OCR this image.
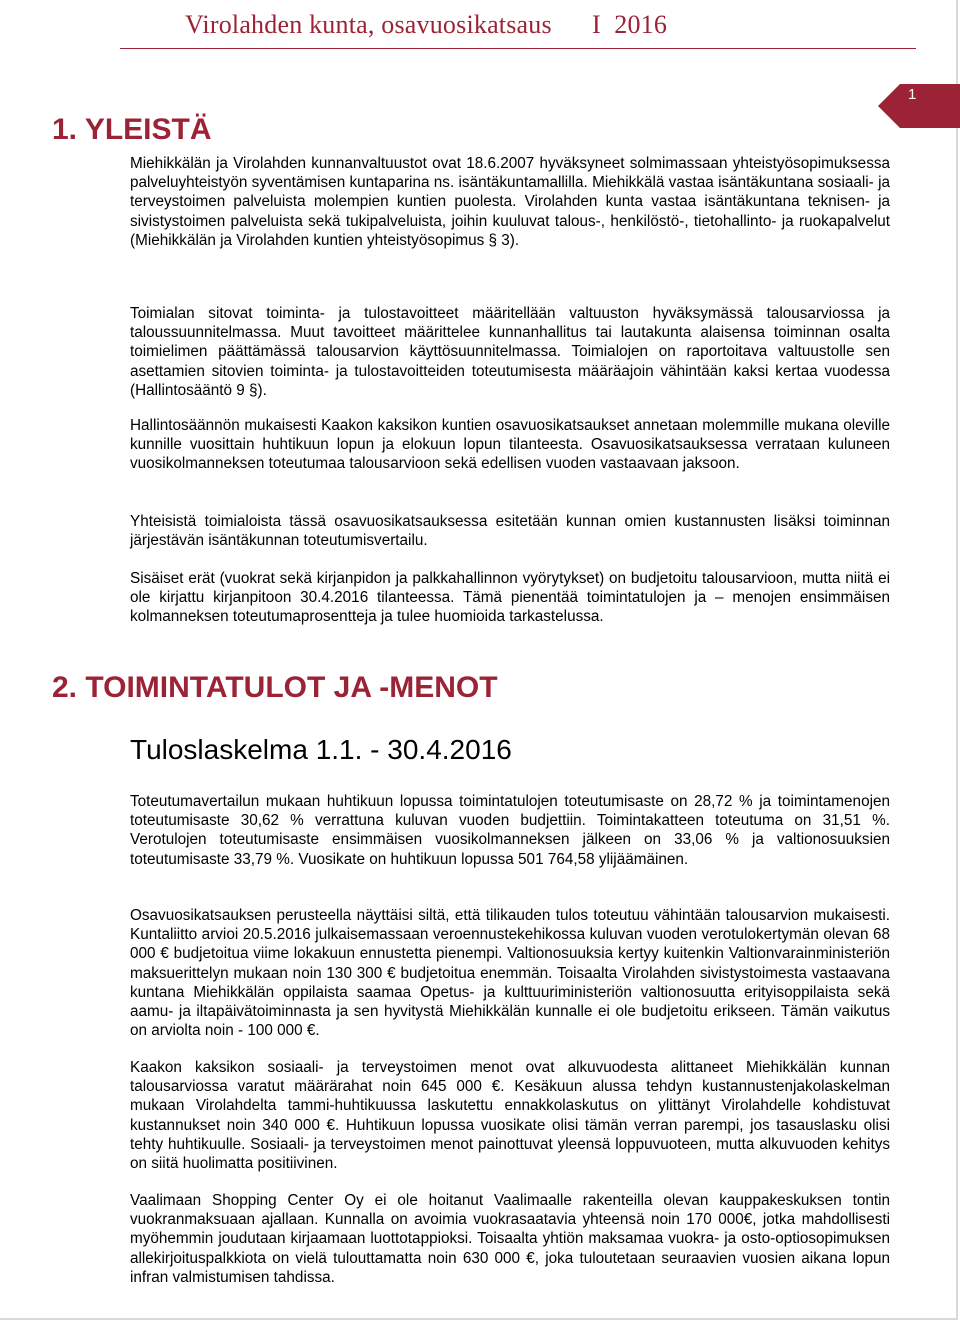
Virolahden kunta, osavuosikatsaus      I  2016
1
1. YLEISTÄ
Miehikkälän ja Virolahden kunnanvaltuustot ovat 18.6.2007 hyväksyneet solmimassaan yhteistyösopimuksessa palveluyhteistyön syventämisen kuntaparina ns. isäntäkuntamallilla. Miehikkälä vastaa isäntäkuntana sosiaali- ja terveystoimen palveluista molempien kuntien puolesta. Virolahden kunta vastaa isäntäkuntana teknisen- ja sivistystoimen palveluista sekä tukipalveluista, joihin kuuluvat talous-, henkilöstö-, tietohallinto- ja ruokapalvelut (Miehikkälän ja Virolahden kuntien yhteistyösopimus § 3).
Toimialan sitovat toiminta- ja tulostavoitteet määritellään valtuuston hyväksymässä talousarviossa ja taloussuunnitelmassa. Muut tavoitteet määrittelee kunnanhallitus tai lautakunta alaisensa toiminnan osalta toimielimen päättämässä talousarvion käyttösuunnitelmassa. Toimialojen on raportoitava valtuustolle sen asettamien sitovien toiminta- ja tulostavoitteiden toteutumisesta määräajoin vähintään kaksi kertaa vuodessa (Hallintosääntö 9 §).
Hallintosäännön mukaisesti Kaakon kaksikon kuntien osavuosikatsaukset annetaan molemmille mukana oleville kunnille vuosittain huhtikuun lopun ja elokuun lopun tilanteesta. Osavuosikatsauksessa verrataan kuluneen vuosikolmanneksen toteutumaa talousarvioon sekä edellisen vuoden vastaavaan jaksoon.
Yhteisistä toimialoista tässä osavuosikatsauksessa esitetään kunnan omien kustannusten lisäksi toiminnan järjestävän isäntäkunnan toteutumisvertailu.
Sisäiset erät (vuokrat sekä kirjanpidon ja palkkahallinnon vyörytykset) on budjetoitu talousarvioon, mutta niitä ei ole kirjattu kirjanpitoon 30.4.2016 tilanteessa. Tämä pienentää toimintatulojen ja – menojen ensimmäisen kolmanneksen toteutumaprosentteja ja tulee huomioida tarkastelussa.
2. TOIMINTATULOT JA -MENOT
Tuloslaskelma 1.1. - 30.4.2016
Toteutumavertailun mukaan huhtikuun lopussa toimintatulojen toteutumisaste on 28,72 % ja toimintamenojen toteutumisaste 30,62 % verrattuna kuluvan vuoden budjettiin. Toimintakatteen toteutuma on 31,51 %. Verotulojen toteutumisaste ensimmäisen vuosikolmanneksen jälkeen on 33,06 % ja valtionosuuksien toteutumisaste 33,79 %. Vuosikate on huhtikuun lopussa 501 764,58 ylijäämäinen.
Osavuosikatsauksen perusteella näyttäisi siltä, että tilikauden tulos toteutuu vähintään talousarvion mukaisesti. Kuntaliitto arvioi 20.5.2016 julkaisemassaan veroennustekehikossa kuluvan vuoden verotulokertymän olevan 68 000 € budjetoitua viime lokakuun ennustetta pienempi. Valtionosuuksia kertyy kuitenkin Valtionvarainministeriön maksuerittelyn mukaan noin 130 300 € budjetoitua enemmän. Toisaalta Virolahden sivistystoimesta vastaavana kuntana Miehikkälän oppilaista saamaa Opetus- ja kulttuuriministeriön valtionosuutta erityisoppilaista sekä aamu- ja iltapäivätoiminnasta ja sen hyvitystä Miehikkälän kunnalle ei ole budjetoitu erikseen. Tämän vaikutus on arviolta noin - 100 000 €.
Kaakon kaksikon sosiaali- ja terveystoimen menot ovat alkuvuodesta alittaneet Miehikkälän kunnan talousarviossa varatut määrärahat noin 645 000 €. Kesäkuun alussa tehdyn kustannustenjakolaskelman mukaan Virolahdelta tammi-huhtikuussa laskutettu ennakkolaskutus on ylittänyt Virolahdelle kohdistuvat kustannukset noin 340 000 €. Huhtikuun lopussa vuosikate olisi tämän verran parempi, jos tasauslasku olisi tehty huhtikuulle. Sosiaali- ja terveystoimen menot painottuvat yleensä loppuvuoteen, mutta alkuvuoden kehitys on siitä huolimatta positiivinen.
Vaalimaan Shopping Center Oy ei ole hoitanut Vaalimaalle rakenteilla olevan kauppakeskuksen tontin vuokranmaksuaan ajallaan. Kunnalla on avoimia vuokrasaatavia yhteensä noin 170 000€, jotka mahdollisesti myöhemmin joudutaan kirjaamaan luottotappioksi. Toisaalta yhtiön maksamaa vuokra- ja osto-optiosopimuksen allekirjoituspalkkiota on vielä tulouttamatta noin 630 000 €, joka tuloutetaan seuraavien vuosien aikana lopun infran valmistumisen tahdissa.
